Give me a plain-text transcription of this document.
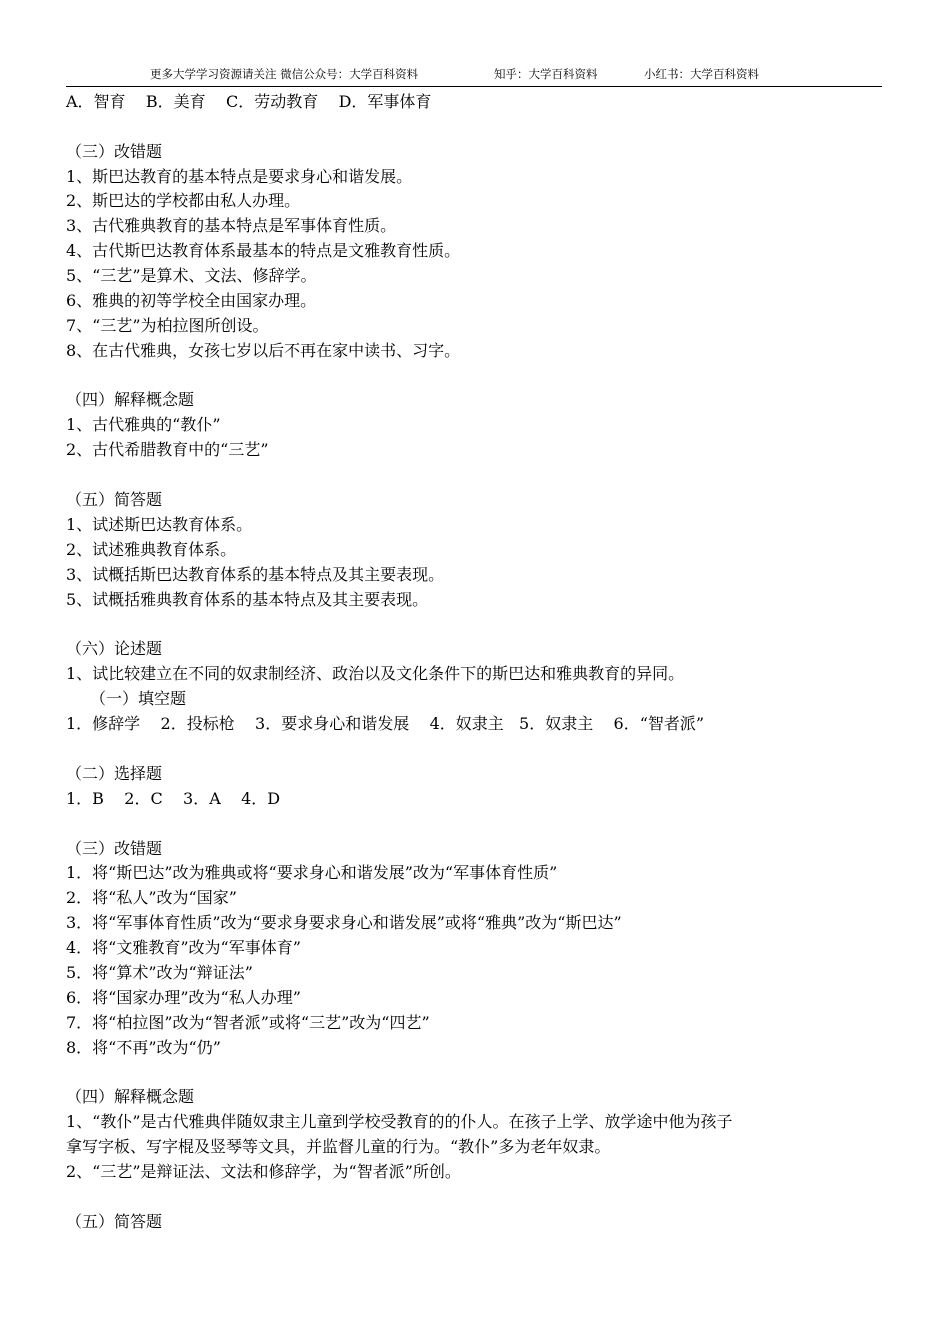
更多大学学习资源请关注 微信公众号：大学百科资料	知乎：大学百科资料	小红书：大学百科资料
A．智育    B．美育    C．劳动教育    D．军事体育
（三）改错题
1、斯巴达教育的基本特点是要求身心和谐发展。
2、斯巴达的学校都由私人办理。
3、古代雅典教育的基本特点是军事体育性质。
4、古代斯巴达教育体系最基本的特点是文雅教育性质。
5、“三艺”是算术、文法、修辞学。
6、雅典的初等学校全由国家办理。
7、“三艺”为柏拉图所创设。
8、在古代雅典，女孩七岁以后不再在家中读书、习字。
（四）解释概念题
1、古代雅典的“教仆”
2、古代希腊教育中的“三艺”
（五）简答题
1、试述斯巴达教育体系。
2、试述雅典教育体系。
3、试概括斯巴达教育体系的基本特点及其主要表现。
5、试概括雅典教育体系的基本特点及其主要表现。
（六）论述题
1、试比较建立在不同的奴隶制经济、政治以及文化条件下的斯巴达和雅典教育的异同。
（一）填空题
1．修辞学    2．投标枪    3．要求身心和谐发展    4．奴隶主   5．奴隶主    6．“智者派”
（二）选择题
1．B    2．C    3．A    4．D
（三）改错题
1．将“斯巴达”改为雅典或将“要求身心和谐发展”改为“军事体育性质”
2．将“私人”改为“国家”
3．将“军事体育性质”改为“要求身要求身心和谐发展”或将“雅典”改为“斯巴达”
4．将“文雅教育”改为“军事体育”
5．将“算术”改为“辩证法”
6．将“国家办理”改为“私人办理”
7．将“柏拉图”改为“智者派”或将“三艺”改为“四艺”
8．将“不再”改为“仍”
（四）解释概念题
1、“教仆”是古代雅典伴随奴隶主儿童到学校受教育的的仆人。在孩子上学、放学途中他为孩子
拿写字板、写字棍及竖琴等文具，并监督儿童的行为。“教仆”多为老年奴隶。
2、“三艺”是辩证法、文法和修辞学，为“智者派”所创。
（五）简答题
